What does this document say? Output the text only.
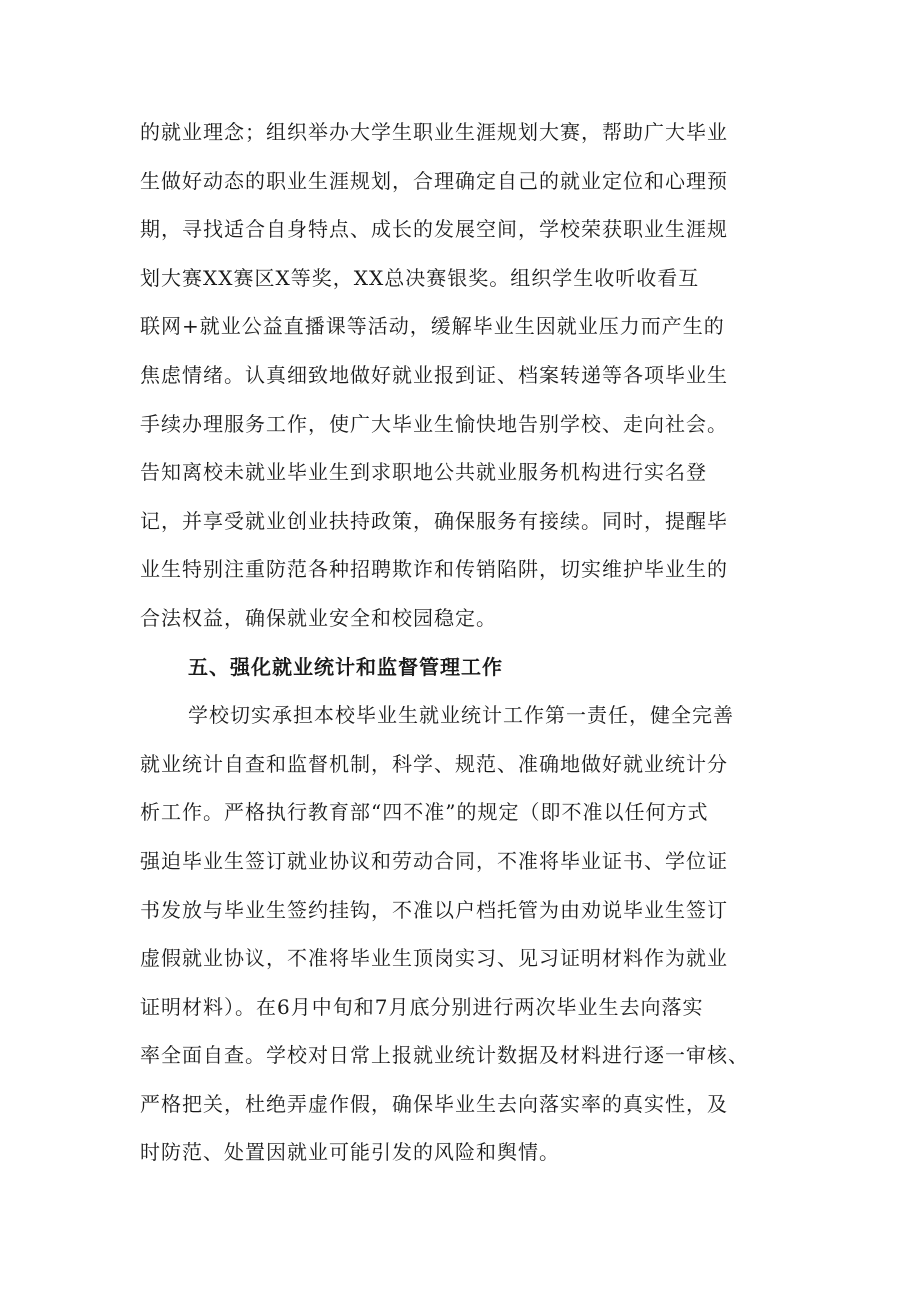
的就业理念；组织举办大学生职业生涯规划大赛，帮助广大毕业
生做好动态的职业生涯规划，合理确定自己的就业定位和心理预
期，寻找适合自身特点、成长的发展空间，学校荣获职业生涯规
划大赛XX赛区X等奖，XX总决赛银奖。组织学生收听收看互
联网+就业公益直播课等活动，缓解毕业生因就业压力而产生的
焦虑情绪。认真细致地做好就业报到证、档案转递等各项毕业生
手续办理服务工作，使广大毕业生愉快地告别学校、走向社会。
告知离校未就业毕业生到求职地公共就业服务机构进行实名登
记，并享受就业创业扶持政策，确保服务有接续。同时，提醒毕
业生特别注重防范各种招聘欺诈和传销陷阱，切实维护毕业生的
合法权益，确保就业安全和校园稳定。
五、强化就业统计和监督管理工作
学校切实承担本校毕业生就业统计工作第一责任，健全完善
就业统计自查和监督机制，科学、规范、准确地做好就业统计分
析工作。严格执行教育部“四不准”的规定（即不准以任何方式
强迫毕业生签订就业协议和劳动合同，不准将毕业证书、学位证
书发放与毕业生签约挂钩，不准以户档托管为由劝说毕业生签订
虚假就业协议，不准将毕业生顶岗实习、见习证明材料作为就业
证明材料）。在6月中旬和7月底分别进行两次毕业生去向落实
率全面自查。学校对日常上报就业统计数据及材料进行逐一审核、
严格把关，杜绝弄虚作假，确保毕业生去向落实率的真实性，及
时防范、处置因就业可能引发的风险和舆情。
